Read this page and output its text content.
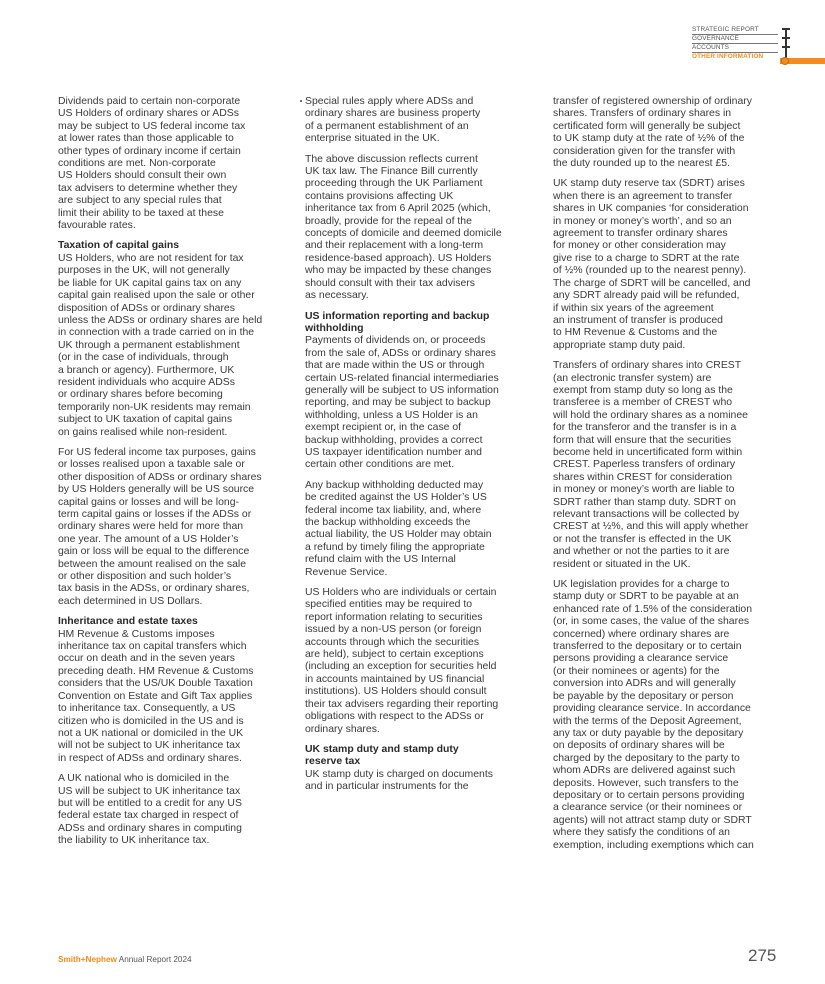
STRATEGIC REPORT
GOVERNANCE
ACCOUNTS
OTHER INFORMATION

Dividends paid to certain non-corporate
US Holders of ordinary shares or ADSs
may be subject to US federal income tax
at lower rates than those applicable to
other types of ordinary income if certain
conditions are met. Non-corporate
US Holders should consult their own
tax advisers to determine whether they
are subject to any special rules that
limit their ability to be taxed at these
favourable rates.

Taxation of capital gains

US Holders, who are not resident for tax
purposes in the UK, will not generally
be liable for UK capital gains tax on any
capital gain realised upon the sale or other
disposition of ADSs or ordinary shares
unless the ADSs or ordinary shares are held
in connection with a trade carried on in the
UK through a permanent establishment
(or in the case of individuals, through
a branch or agency). Furthermore, UK
resident individuals who acquire ADSs
or ordinary shares before becoming
temporarily non-UK residents may remain
subject to UK taxation of capital gains
on gains realised while non-resident.

For US federal income tax purposes, gains
or losses realised upon a taxable sale or
other disposition of ADSs or ordinary shares
by US Holders generally will be US source
capital gains or losses and will be long-
term capital gains or losses if the ADSs or
ordinary shares were held for more than
one year. The amount of a US Holder’s
gain or loss will be equal to the difference
between the amount realised on the sale
or other disposition and such holder’s
tax basis in the ADSs, or ordinary shares,
each determined in US Dollars.

Inheritance and estate taxes

HM Revenue & Customs imposes
inheritance tax on capital transfers which
occur on death and in the seven years
preceding death. HM Revenue & Customs
considers that the US/UK Double Taxation
Convention on Estate and Gift Tax applies
to inheritance tax. Consequently, a US
citizen who is domiciled in the US and is
not a UK national or domiciled in the UK
will not be subject to UK inheritance tax
in respect of ADSs and ordinary shares.

A UK national who is domiciled in the
US will be subject to UK inheritance tax
but will be entitled to a credit for any US
federal estate tax charged in respect of
ADSs and ordinary shares in computing
the liability to UK inheritance tax.

Special rules apply where ADSs and
ordinary shares are business property
of a permanent establishment of an
enterprise situated in the UK.

The above discussion reflects current
UK tax law. The Finance Bill currently
proceeding through the UK Parliament
contains provisions affecting UK
inheritance tax from 6 April 2025 (which,
broadly, provide for the repeal of the
concepts of domicile and deemed domicile
and their replacement with a long-term
residence-based approach). US Holders
who may be impacted by these changes
should consult with their tax advisers
as necessary.

US information reporting and backup
withholding

Payments of dividends on, or proceeds
from the sale of, ADSs or ordinary shares
that are made within the US or through
certain US-related financial intermediaries
generally will be subject to US information
reporting, and may be subject to backup
withholding, unless a US Holder is an
exempt recipient or, in the case of
backup withholding, provides a correct
US taxpayer identification number and
certain other conditions are met.

Any backup withholding deducted may
be credited against the US Holder’s US
federal income tax liability, and, where
the backup withholding exceeds the
actual liability, the US Holder may obtain
a refund by timely filing the appropriate
refund claim with the US Internal
Revenue Service.

US Holders who are individuals or certain
specified entities may be required to
report information relating to securities
issued by a non-US person (or foreign
accounts through which the securities
are held), subject to certain exceptions
(including an exception for securities held
in accounts maintained by US financial
institutions). US Holders should consult
their tax advisers regarding their reporting
obligations with respect to the ADSs or
ordinary shares.

UK stamp duty and stamp duty
reserve tax

UK stamp duty is charged on documents
and in particular instruments for the

transfer of registered ownership of ordinary
shares. Transfers of ordinary shares in
certificated form will generally be subject
to UK stamp duty at the rate of ½% of the
consideration given for the transfer with
the duty rounded up to the nearest £5.

UK stamp duty reserve tax (SDRT) arises
when there is an agreement to transfer
shares in UK companies ‘for consideration
in money or money’s worth’, and so an
agreement to transfer ordinary shares
for money or other consideration may
give rise to a charge to SDRT at the rate
of ½% (rounded up to the nearest penny).
The charge of SDRT will be cancelled, and
any SDRT already paid will be refunded,
if within six years of the agreement
an instrument of transfer is produced
to HM Revenue & Customs and the
appropriate stamp duty paid.

Transfers of ordinary shares into CREST
(an electronic transfer system) are
exempt from stamp duty so long as the
transferee is a member of CREST who
will hold the ordinary shares as a nominee
for the transferor and the transfer is in a
form that will ensure that the securities
become held in uncertificated form within
CREST. Paperless transfers of ordinary
shares within CREST for consideration
in money or money’s worth are liable to
SDRT rather than stamp duty. SDRT on
relevant transactions will be collected by
CREST at ½%, and this will apply whether
or not the transfer is effected in the UK
and whether or not the parties to it are
resident or situated in the UK.

UK legislation provides for a charge to
stamp duty or SDRT to be payable at an
enhanced rate of 1.5% of the consideration
(or, in some cases, the value of the shares
concerned) where ordinary shares are
transferred to the depositary or to certain
persons providing a clearance service
(or their nominees or agents) for the
conversion into ADRs and will generally
be payable by the depositary or person
providing clearance service. In accordance
with the terms of the Deposit Agreement,
any tax or duty payable by the depositary
on deposits of ordinary shares will be
charged by the depositary to the party to
whom ADRs are delivered against such
deposits. However, such transfers to the
depositary or to certain persons providing
a clearance service (or their nominees or
agents) will not attract stamp duty or SDRT
where they satisfy the conditions of an
exemption, including exemptions which can

Smith+Nephew Annual Report 2024	275
